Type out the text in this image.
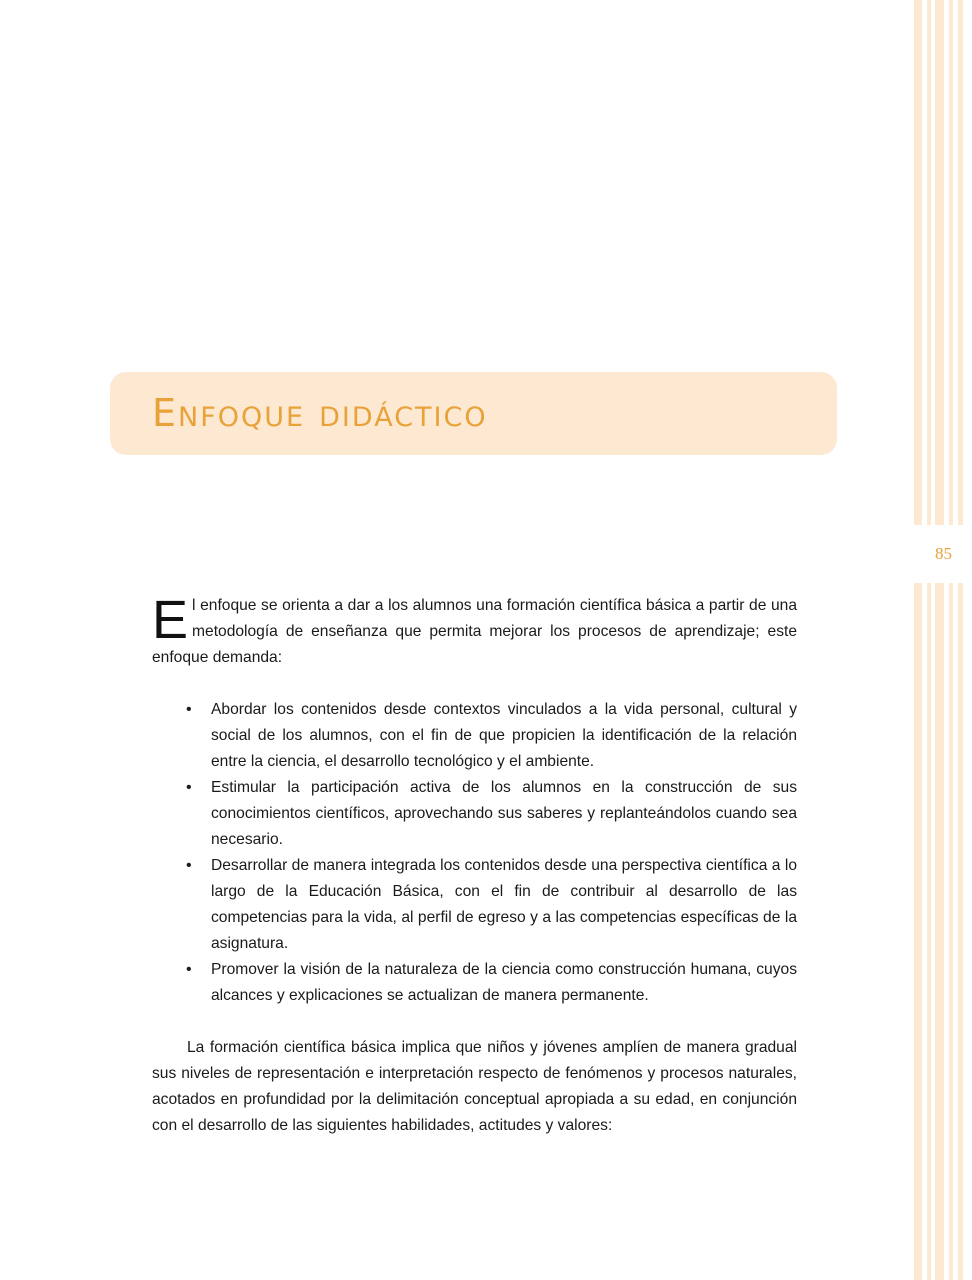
85
Enfoque didáctico

El enfoque se orienta a dar a los alumnos una formación científica básica a partir de una metodología de enseñanza que permita mejorar los procesos de aprendizaje; este enfoque demanda:

• Abordar los contenidos desde contextos vinculados a la vida personal, cultural y social de los alumnos, con el fin de que propicien la identificación de la relación entre la ciencia, el desarrollo tecnológico y el ambiente.
• Estimular la participación activa de los alumnos en la construcción de sus conocimientos científicos, aprovechando sus saberes y replanteándolos cuando sea necesario.
• Desarrollar de manera integrada los contenidos desde una perspectiva científica a lo largo de la Educación Básica, con el fin de contribuir al desarrollo de las competencias para la vida, al perfil de egreso y a las competencias específicas de la asignatura.
• Promover la visión de la naturaleza de la ciencia como construcción humana, cuyos alcances y explicaciones se actualizan de manera permanente.

La formación científica básica implica que niños y jóvenes amplíen de manera gradual sus niveles de representación e interpretación respecto de fenómenos y procesos naturales, acotados en profundidad por la delimitación conceptual apropiada a su edad, en conjunción con el desarrollo de las siguientes habilidades, actitudes y valores:
